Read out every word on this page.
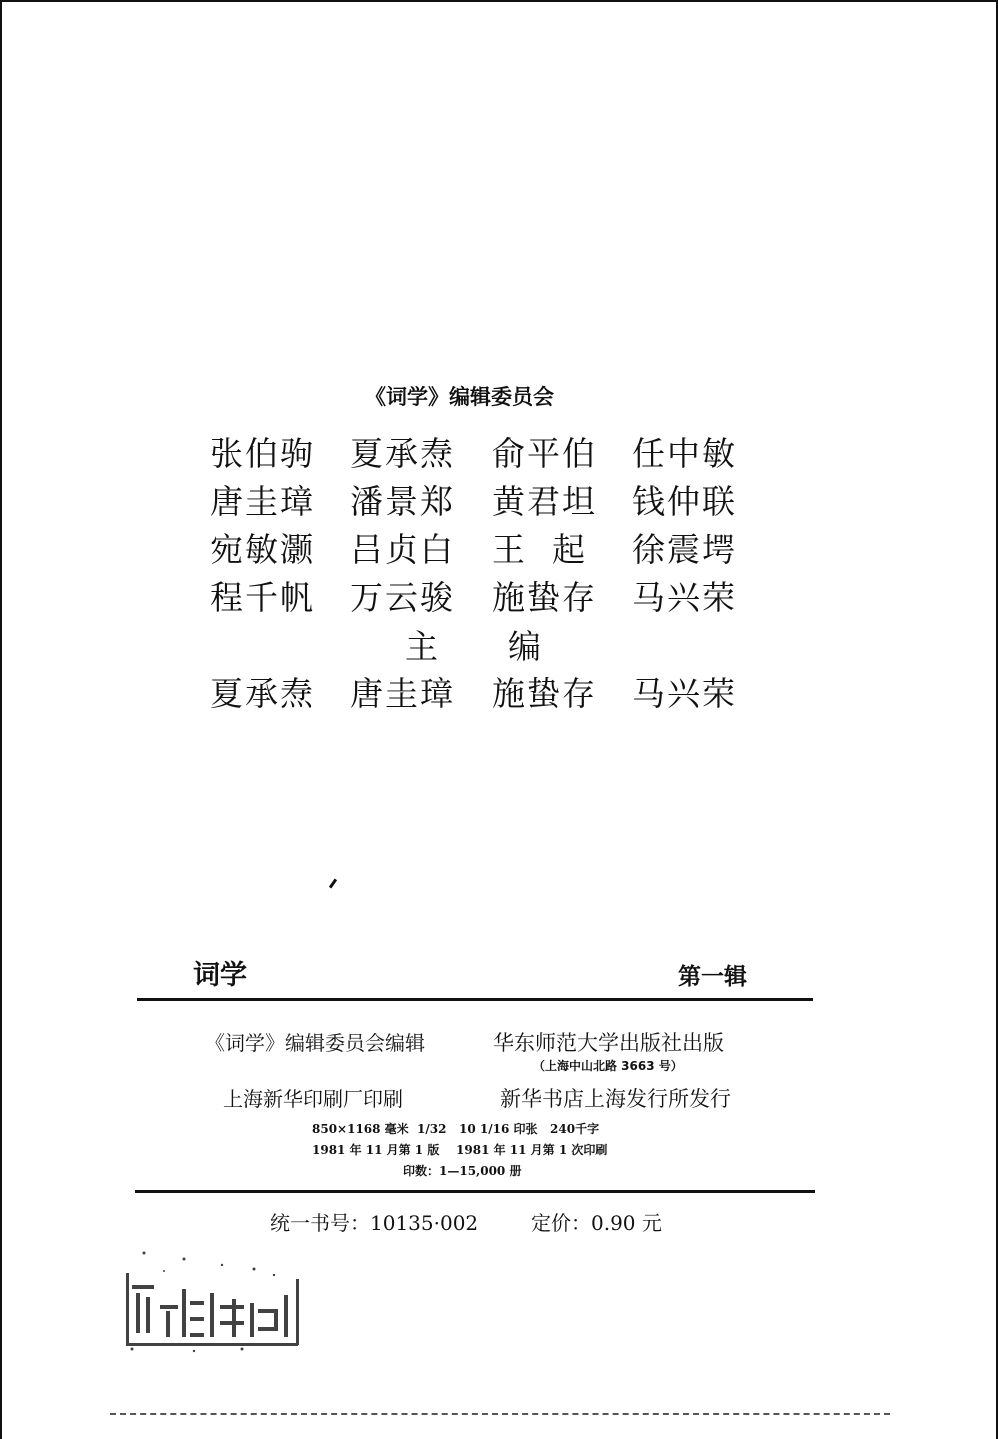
《词学》编辑委员会
张伯驹 夏承焘 俞平伯 任中敏
唐圭璋 潘景郑 黄君坦 钱仲联
宛敏灏 吕贞白 王  起 徐震堮
程千帆 万云骏 施蛰存 马兴荣
主 编
夏承焘 唐圭璋 施蛰存 马兴荣
词学	第一辑
《词学》编辑委员会编辑	华东师范大学出版社出版
（上海中山北路 3663 号）
上海新华印刷厂印刷	新华书店上海发行所发行
850×1168 毫米  1/32   10 1/16 印张   240千字
1981 年 11 月第 1 版    1981 年 11 月第 1 次印刷
印数：1—15,000 册
统一书号：10135·002	定价：0.90 元
